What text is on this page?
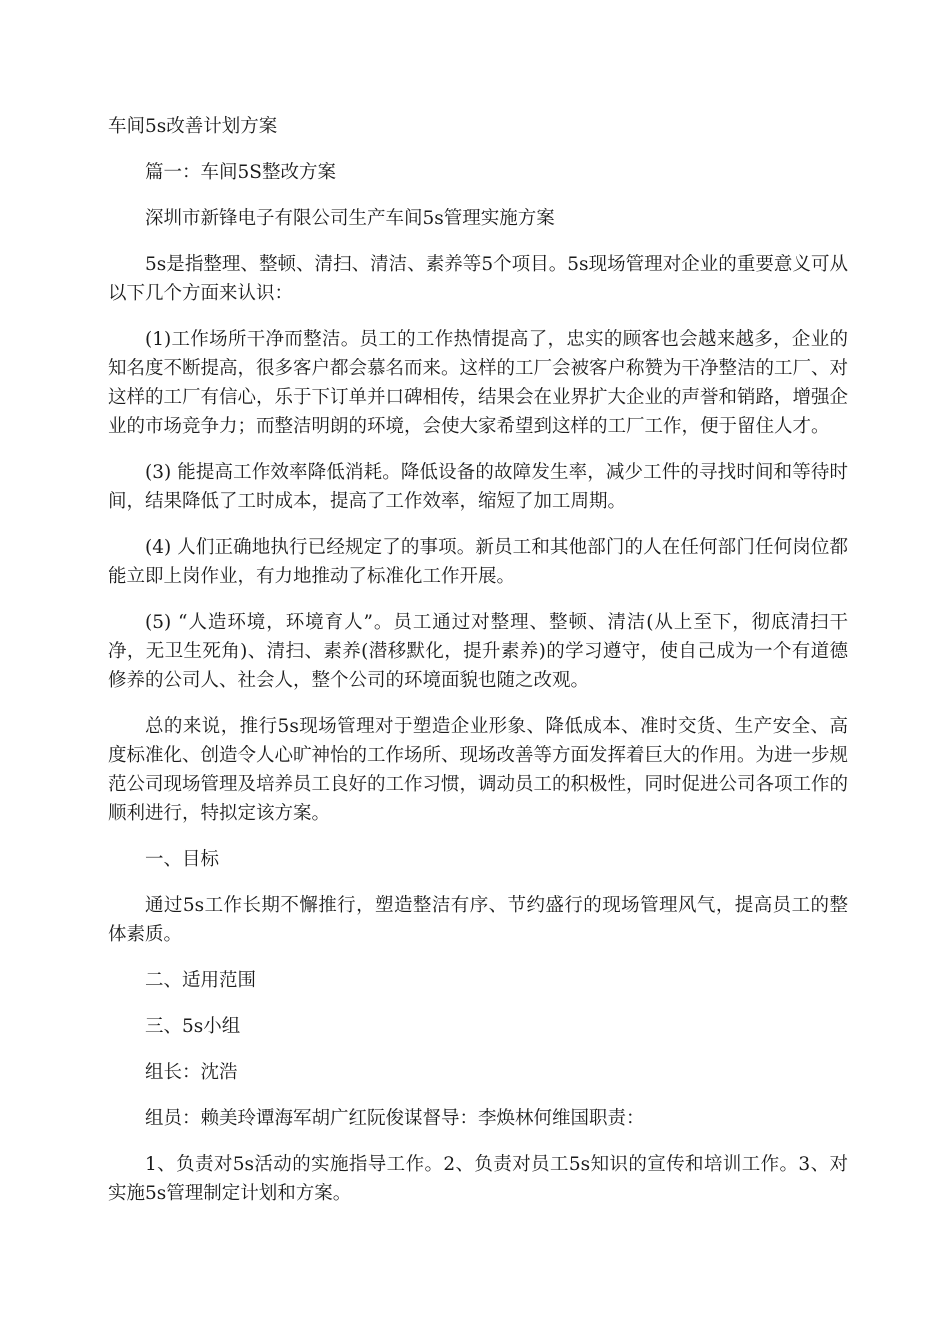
车间5s改善计划方案

篇一：车间5S整改方案

深圳市新锋电子有限公司生产车间5s管理实施方案

5s是指整理、整顿、清扫、清洁、素养等5个项目。5s现场管理对企业的重要意义可从以下几个方面来认识：

(1)工作场所干净而整洁。员工的工作热情提高了，忠实的顾客也会越来越多，企业的知名度不断提高，很多客户都会慕名而来。这样的工厂会被客户称赞为干净整洁的工厂、对这样的工厂有信心，乐于下订单并口碑相传，结果会在业界扩大企业的声誉和销路，增强企业的市场竞争力；而整洁明朗的环境，会使大家希望到这样的工厂工作，便于留住人才。

(3) 能提高工作效率降低消耗。降低设备的故障发生率，减少工件的寻找时间和等待时间，结果降低了工时成本，提高了工作效率，缩短了加工周期。

(4) 人们正确地执行已经规定了的事项。新员工和其他部门的人在任何部门任何岗位都能立即上岗作业，有力地推动了标准化工作开展。

(5) “人造环境，环境育人”。员工通过对整理、整顿、清洁(从上至下，彻底清扫干净，无卫生死角)、清扫、素养(潜移默化，提升素养)的学习遵守，使自己成为一个有道德修养的公司人、社会人，整个公司的环境面貌也随之改观。

总的来说，推行5s现场管理对于塑造企业形象、降低成本、准时交货、生产安全、高度标准化、创造令人心旷神怡的工作场所、现场改善等方面发挥着巨大的作用。为进一步规范公司现场管理及培养员工良好的工作习惯，调动员工的积极性，同时促进公司各项工作的顺利进行，特拟定该方案。

一、目标

通过5s工作长期不懈推行，塑造整洁有序、节约盛行的现场管理风气，提高员工的整体素质。

二、适用范围

三、5s小组

组长：沈浩

组员：赖美玲谭海军胡广红阮俊谋督导：李焕林何维国职责：

1、负责对5s活动的实施指导工作。2、负责对员工5s知识的宣传和培训工作。3、对实施5s管理制定计划和方案。
